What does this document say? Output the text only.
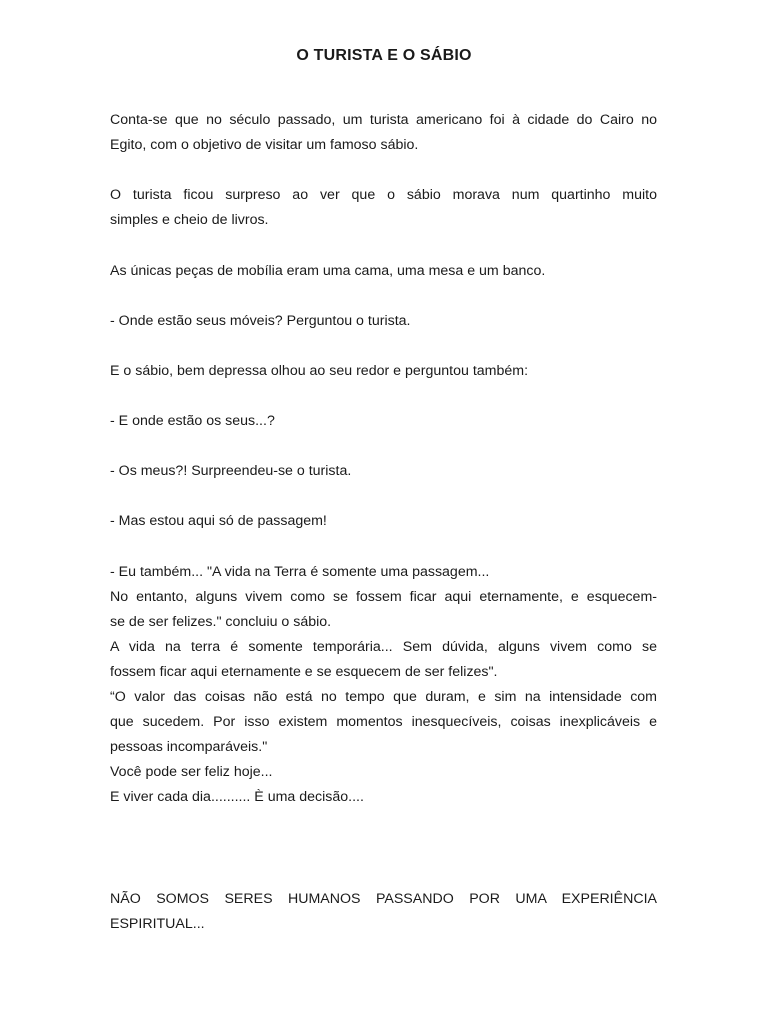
O TURISTA E O SÁBIO
Conta-se que no século passado, um turista americano foi à cidade do Cairo no
Egito, com o objetivo de visitar um famoso sábio.
O turista ficou surpreso ao ver que o sábio morava num quartinho muito
simples e cheio de livros.
As únicas peças de mobília eram uma cama, uma mesa e um banco.
- Onde estão seus móveis? Perguntou o turista.
E o sábio, bem depressa olhou ao seu redor e perguntou também:
- E onde estão os seus...?
- Os meus?! Surpreendeu-se o turista.
- Mas estou aqui só de passagem!
- Eu também... "A vida na Terra é somente uma passagem...
No entanto, alguns vivem como se fossem ficar aqui eternamente, e esquecem-
se de ser felizes." concluiu o sábio.
A vida na terra é somente temporária... Sem dúvida, alguns vivem como se
fossem ficar aqui eternamente e se esquecem de ser felizes".
“O valor das coisas não está no tempo que duram, e sim na intensidade com
que sucedem. Por isso existem momentos inesquecíveis, coisas inexplicáveis e
pessoas incomparáveis."
Você pode ser feliz hoje...
E viver cada dia.......... È uma decisão....
NÃO SOMOS SERES HUMANOS PASSANDO POR UMA EXPERIÊNCIA
ESPIRITUAL...
